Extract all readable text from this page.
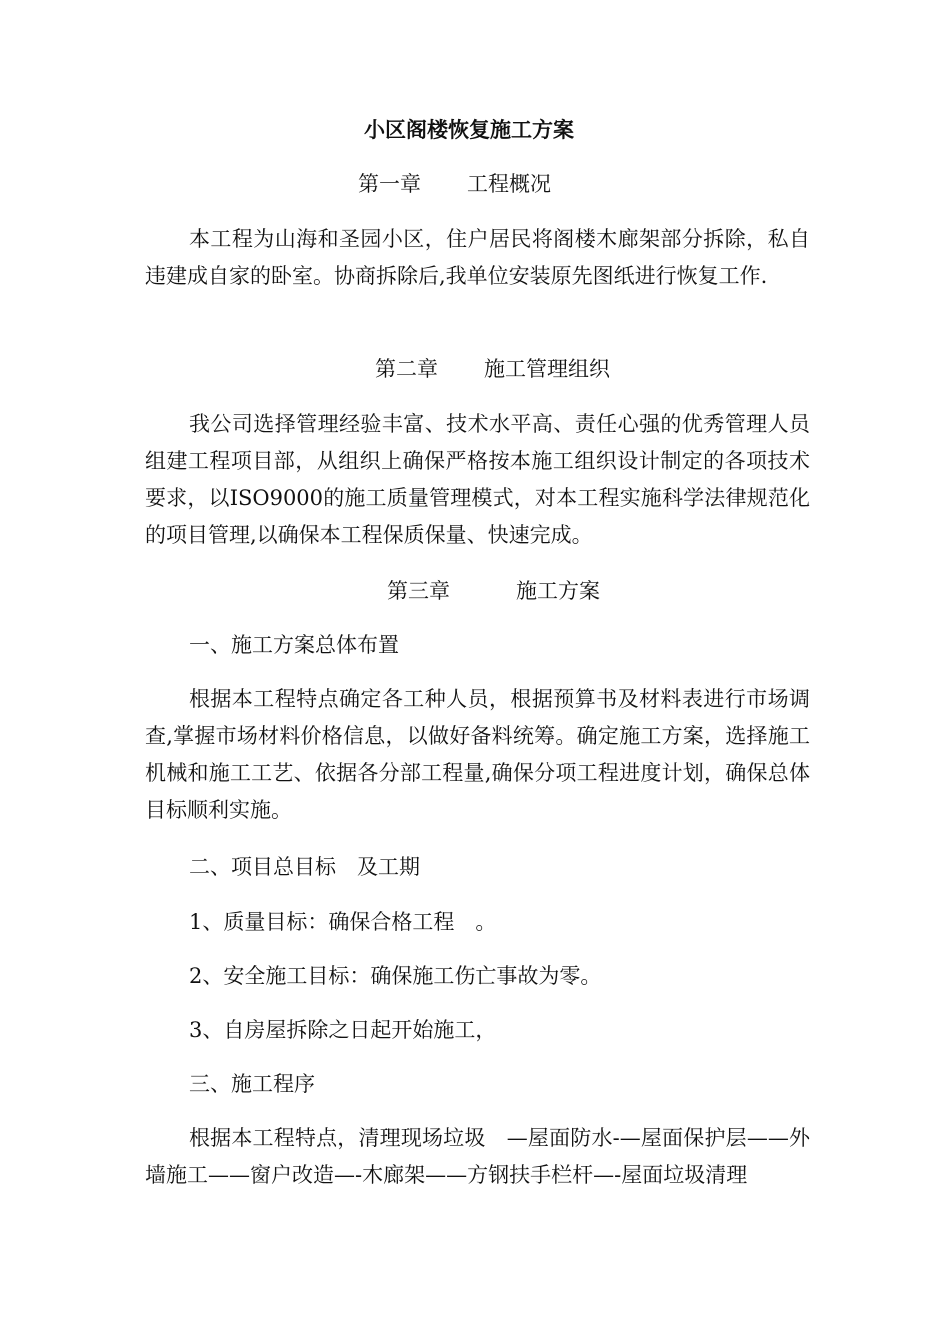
小区阁楼恢复施工方案

第一章 工程概况

本工程为山海和圣园小区，住户居民将阁楼木廊架部分拆除，私自违建成自家的卧室。协商拆除后,我单位安装原先图纸进行恢复工作.

第二章 施工管理组织

我公司选择管理经验丰富、技术水平高、责任心强的优秀管理人员组建工程项目部，从组织上确保严格按本施工组织设计制定的各项技术要求，以ISO9000的施工质量管理模式，对本工程实施科学法律规范化的项目管理,以确保本工程保质保量、快速完成。

第三章	施工方案

一、施工方案总体布置

根据本工程特点确定各工种人员，根据预算书及材料表进行市场调查,掌握市场材料价格信息，以做好备料统筹。确定施工方案，选择施工机械和施工工艺、依据各分部工程量,确保分项工程进度计划，确保总体目标顺利实施。

二、项目总目标　及工期

1、质量目标：确保合格工程　。

2、安全施工目标：确保施工伤亡事故为零。

3、自房屋拆除之日起开始施工，

三、施工程序

根据本工程特点，清理现场垃圾　—屋面防水-—屋面保护层——外墙施工——窗户改造—-木廊架——方钢扶手栏杆—-屋面垃圾清理
